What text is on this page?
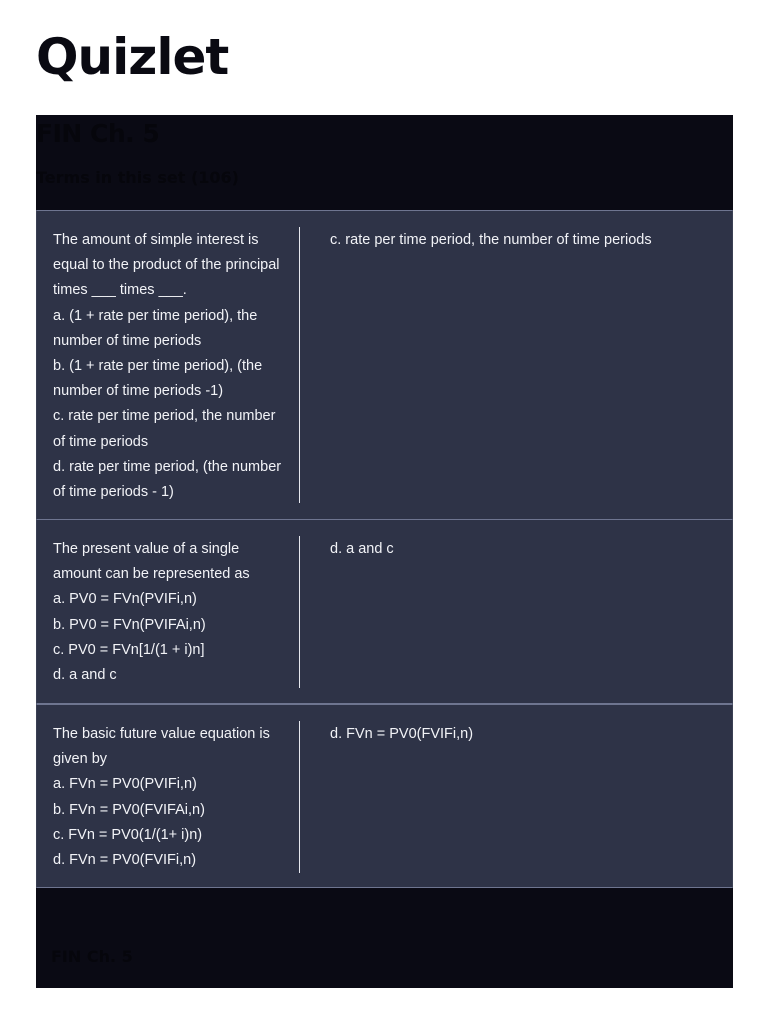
Quizlet
FIN Ch. 5
Terms in this set (106)
The amount of simple interest is equal to the product of the principal times ___ times ___.
a. (1 + rate per time period), the number of time periods
b. (1 + rate per time period), (the number of time periods -1)
c. rate per time period, the number of time periods
d. rate per time period, (the number of time periods - 1)
c. rate per time period, the number of time periods
The present value of a single amount can be represented as
a. PV0 = FVn(PVIFi,n)
b. PV0 = FVn(PVIFAi,n)
c. PV0 = FVn[1/(1 + i)n]
d. a and c
d. a and c
The basic future value equation is given by
a. FVn = PV0(PVIFi,n)
b. FVn = PV0(FVIFAi,n)
c. FVn = PV0(1/(1+ i)n)
d. FVn = PV0(FVIFi,n)
d. FVn = PV0(FVIFi,n)
FIN Ch. 5
